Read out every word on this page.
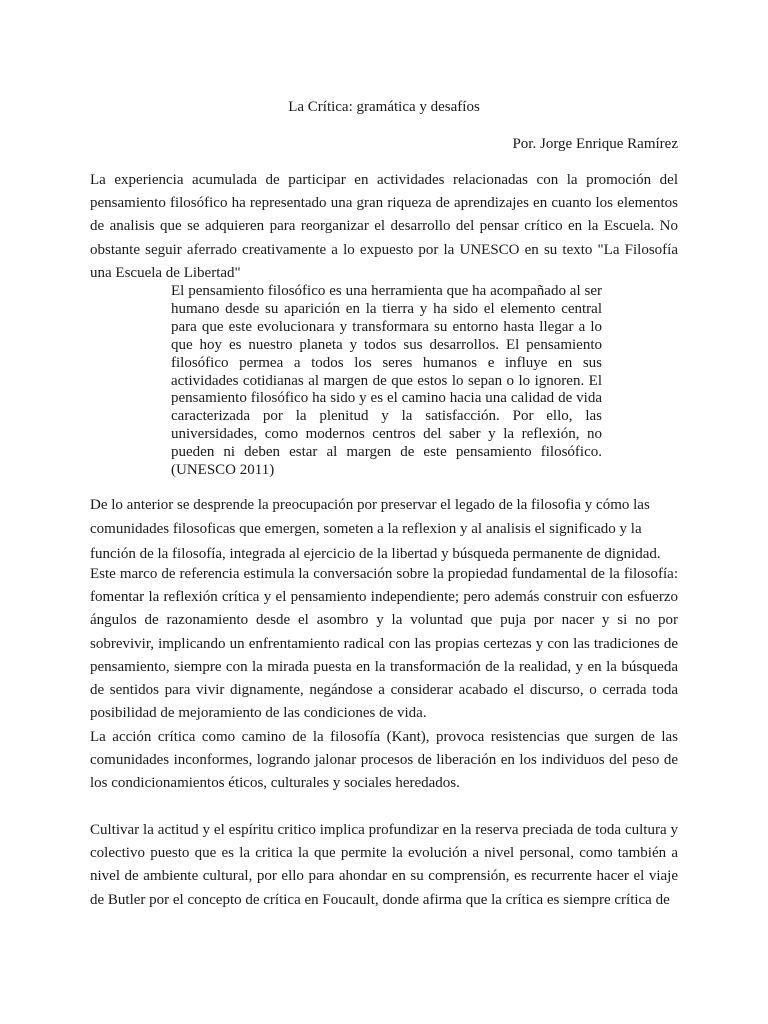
La Crítica: gramática y desafíos
Por. Jorge Enrique Ramírez

La experiencia acumulada de participar en actividades relacionadas con la promoción del pensamiento filosófico ha representado una gran riqueza de aprendizajes en cuanto los elementos de analisis que se adquieren para reorganizar el desarrollo del pensar crítico en la Escuela. No obstante seguir aferrado creativamente a lo expuesto por la UNESCO en su texto "La Filosofía una Escuela de Libertad"

El pensamiento filosófico es una herramienta que ha acompañado al ser humano desde su aparición en la tierra y ha sido el elemento central para que este evolucionara y transformara su entorno hasta llegar a lo que hoy es nuestro planeta y todos sus desarrollos. El pensamiento filosófico permea a todos los seres humanos e influye en sus actividades cotidianas al margen de que estos lo sepan o lo ignoren. El pensamiento filosófico ha sido y es el camino hacia una calidad de vida caracterizada por la plenitud y la satisfacción. Por ello, las universidades, como modernos centros del saber y la reflexión, no pueden ni deben estar al margen de este pensamiento filosófico. (UNESCO 2011)

De lo anterior se desprende la preocupación por preservar el legado de la filosofia y cómo las comunidades filosoficas que emergen, someten a la reflexion y al analisis el significado y la función de la filosofía, integrada al ejercicio de la libertad y búsqueda permanente de dignidad.

Este marco de referencia estimula la conversación sobre la propiedad fundamental de la filosofía: fomentar la reflexión crítica y el pensamiento independiente; pero además construir con esfuerzo ángulos de razonamiento desde el asombro y la voluntad que puja por nacer y si no por sobrevivir, implicando un enfrentamiento radical con las propias certezas y con las tradiciones de pensamiento, siempre con la mirada puesta en la transformación de la realidad, y en la búsqueda de sentidos para vivir dignamente, negándose a considerar acabado el discurso, o cerrada toda posibilidad de mejoramiento de las condiciones de vida.

La acción crítica como camino de la filosofía (Kant), provoca resistencias que surgen de las comunidades inconformes, logrando jalonar procesos de liberación en los individuos del peso de los condicionamientos éticos, culturales y sociales heredados.

Cultivar la actitud y el espíritu critico implica profundizar en la reserva preciada de toda cultura y colectivo puesto que es la critica la que permite la evolución a nivel personal, como también a nivel de ambiente cultural, por ello para ahondar en su comprensión, es recurrente hacer el viaje de Butler por el concepto de crítica en Foucault, donde afirma que la crítica es siempre crítica de
